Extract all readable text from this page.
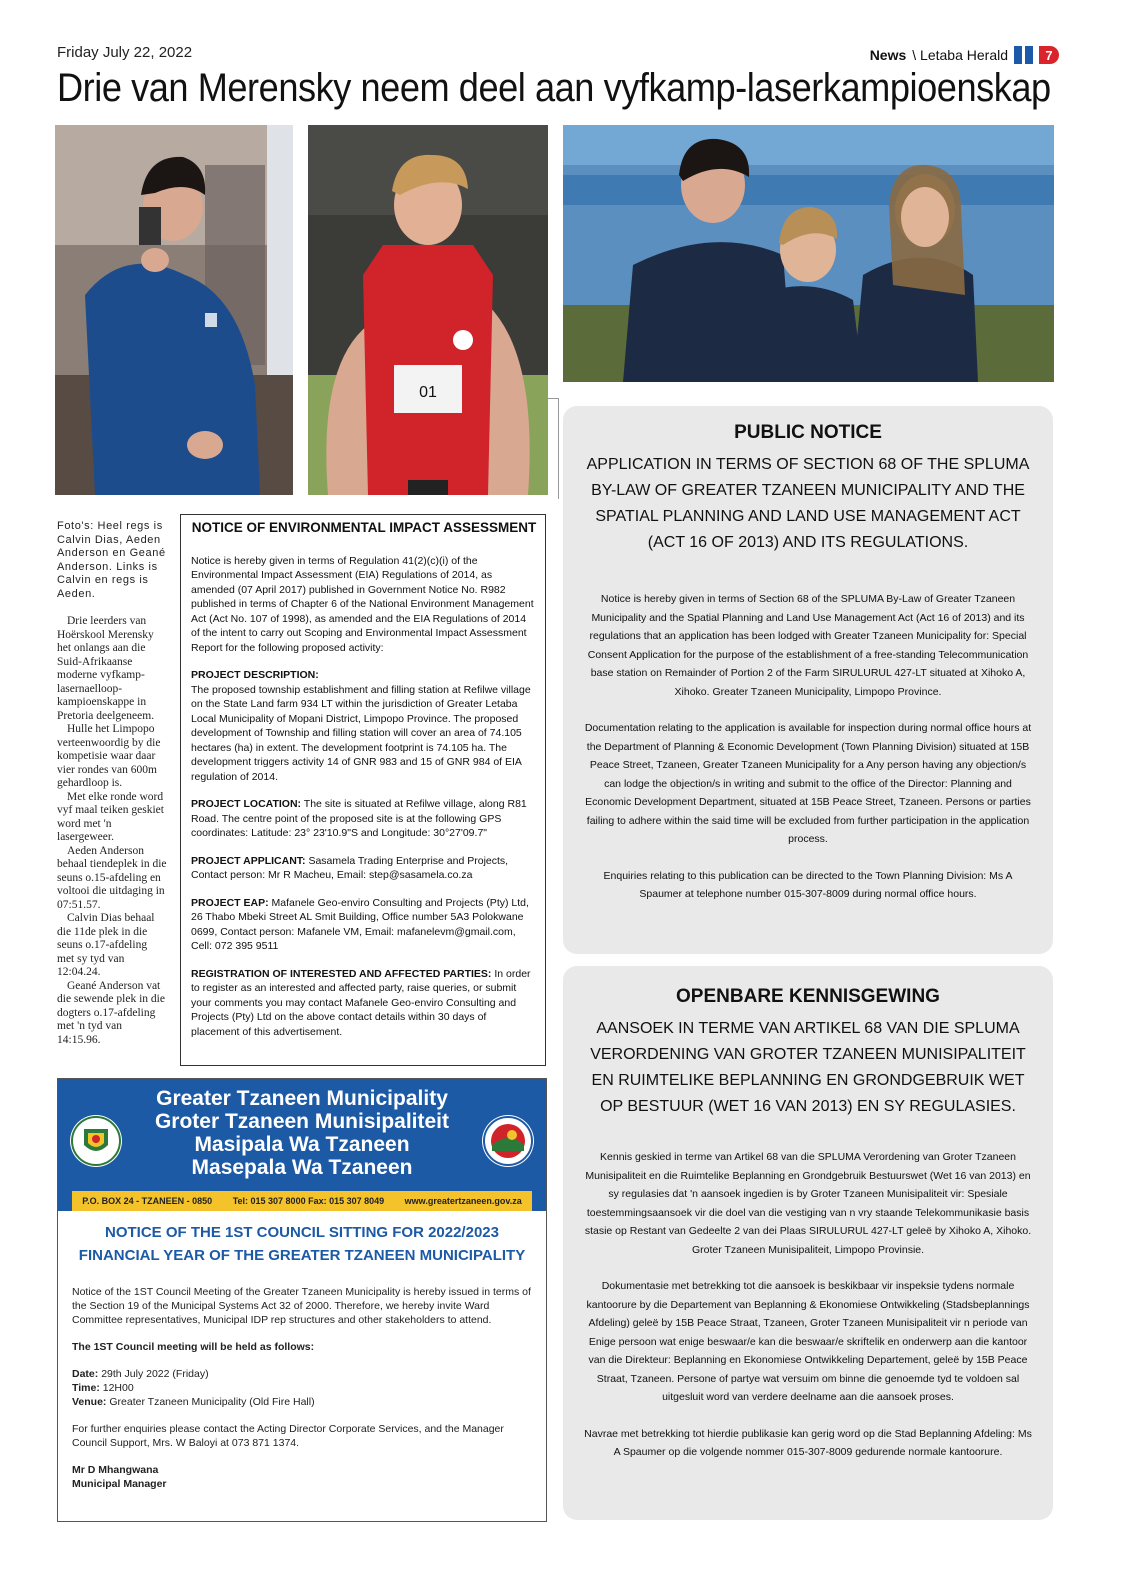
Friday July 22, 2022	News \ Letaba Herald	7
Drie van Merensky neem deel aan vyfkamp-laserkampioenskap
01
Foto's: Heel regs is Calvin Dias, Aeden Anderson en Geané Anderson. Links is Calvin en regs is Aeden.

Drie leerders van Hoërskool Merensky het onlangs aan die Suid-Afrikaanse moderne vyfkamp-lasernaelloop-kampioenskappe in Pretoria deelgeneem.

Hulle het Limpopo verteenwoordig by die kompetisie waar daar vier rondes van 600m gehardloop is.

Met elke ronde word vyf maal teiken geskiet word met 'n lasergeweer.

Aeden Anderson behaal tiendeplek in die seuns o.15-afdeling en voltooi die uitdaging in 07:51.57.

Calvin Dias behaal die 11de plek in die seuns o.17-afdeling met sy tyd van 12:04.24.

Geané Anderson vat die sewende plek in die dogters o.17-afdeling met 'n tyd van 14:15.96.

NOTICE OF ENVIRONMENTAL IMPACT ASSESSMENT

Notice is hereby given in terms of Regulation 41(2)(c)(i) of the Environmental Impact Assessment (EIA) Regulations of 2014, as amended (07 April 2017) published in Government Notice No. R982 published in terms of Chapter 6 of the National Environment Management Act (Act No. 107 of 1998), as amended and the EIA Regulations of 2014 of the intent to carry out Scoping and Environmental Impact Assessment Report for the following proposed activity:

PROJECT DESCRIPTION:
The proposed township establishment and filling station at Refilwe village on the State Land farm 934 LT within the jurisdiction of Greater Letaba Local Municipality of Mopani District, Limpopo Province. The proposed development of Township and filling station will cover an area of 74.105 hectares (ha) in extent. The development footprint is 74.105 ha. The development triggers activity 14 of GNR 983 and 15 of GNR 984 of EIA regulation of 2014.

PROJECT LOCATION: The site is situated at Refilwe village, along R81 Road. The centre point of the proposed site is at the following GPS coordinates: Latitude: 23° 23'10.9"S and Longitude: 30°27'09.7"

PROJECT APPLICANT: Sasamela Trading Enterprise and Projects, Contact person: Mr R Macheu, Email: step@sasamela.co.za

PROJECT EAP: Mafanele Geo-enviro Consulting and Projects (Pty) Ltd, 26 Thabo Mbeki Street AL Smit Building, Office number 5A3 Polokwane 0699, Contact person: Mafanele VM, Email: mafanelevm@gmail.com, Cell: 072 395 9511

REGISTRATION OF INTERESTED AND AFFECTED PARTIES: In order to register as an interested and affected party, raise queries, or submit your comments you may contact Mafanele Geo-enviro Consulting and Projects (Pty) Ltd on the above contact details within 30 days of placement of this advertisement.

Greater Tzaneen Municipality
Groter Tzaneen Munisipaliteit
Masipala Wa Tzaneen
Masepala Wa Tzaneen
P.O. BOX 24 - TZANEEN - 0850 Tel: 015 307 8000 Fax: 015 307 8049 www.greatertzaneen.gov.za
NOTICE OF THE 1ST COUNCIL SITTING FOR 2022/2023 FINANCIAL YEAR OF THE GREATER TZANEEN MUNICIPALITY

Notice of the 1ST Council Meeting of the Greater Tzaneen Municipality is hereby issued in terms of the Section 19 of the Municipal Systems Act 32 of 2000. Therefore, we hereby invite Ward Committee representatives, Municipal IDP rep structures and other stakeholders to attend.

The 1ST Council meeting will be held as follows:

Date: 29th July 2022 (Friday)
Time: 12H00
Venue: Greater Tzaneen Municipality (Old Fire Hall)

For further enquiries please contact the Acting Director Corporate Services, and the Manager Council Support, Mrs. W Baloyi at 073 871 1374.

Mr D Mhangwana
Municipal Manager

PUBLIC NOTICE
APPLICATION IN TERMS OF SECTION 68 OF THE SPLUMA BY-LAW OF GREATER TZANEEN MUNICIPALITY AND THE SPATIAL PLANNING AND LAND USE MANAGEMENT ACT (ACT 16 OF 2013) AND ITS REGULATIONS.

Notice is hereby given in terms of Section 68 of the SPLUMA By-Law of Greater Tzaneen Municipality and the Spatial Planning and Land Use Management Act (Act 16 of 2013) and its regulations that an application has been lodged with Greater Tzaneen Municipality for: Special Consent Application for the purpose of the establishment of a free-standing Telecommunication base station on Remainder of Portion 2 of the Farm SIRULURUL 427-LT situated at Xihoko A, Xihoko. Greater Tzaneen Municipality, Limpopo Province.

Documentation relating to the application is available for inspection during normal office hours at the Department of Planning & Economic Development (Town Planning Division) situated at 15B Peace Street, Tzaneen, Greater Tzaneen Municipality for a Any person having any objection/s can lodge the objection/s in writing and submit to the office of the Director: Planning and Economic Development Department, situated at 15B Peace Street, Tzaneen. Persons or parties failing to adhere within the said time will be excluded from further participation in the application process.

Enquiries relating to this publication can be directed to the Town Planning Division: Ms A Spaumer at telephone number 015-307-8009 during normal office hours.

OPENBARE KENNISGEWING
AANSOEK IN TERME VAN ARTIKEL 68 VAN DIE SPLUMA VERORDENING VAN GROTER TZANEEN MUNISIPALITEIT EN RUIMTELIKE BEPLANNING EN GRONDGEBRUIK WET OP BESTUUR (WET 16 VAN 2013) EN SY REGULASIES.

Kennis geskied in terme van Artikel 68 van die SPLUMA Verordening van Groter Tzaneen Munisipaliteit en die Ruimtelike Beplanning en Grondgebruik Bestuurswet (Wet 16 van 2013) en sy regulasies dat 'n aansoek ingedien is by Groter Tzaneen Munisipaliteit vir: Spesiale toestemmingsaansoek vir die doel van die vestiging van n vry staande Telekommunikasie basis stasie op Restant van Gedeelte 2 van dei Plaas SIRULURUL 427-LT geleë by Xihoko A, Xihoko. Groter Tzaneen Munisipaliteit, Limpopo Provinsie.

Dokumentasie met betrekking tot die aansoek is beskikbaar vir inspeksie tydens normale kantoorure by die Departement van Beplanning & Ekonomiese Ontwikkeling (Stadsbeplannings Afdeling) geleë by 15B Peace Straat, Tzaneen, Groter Tzaneen Munisipaliteit vir n periode van Enige persoon wat enige beswaar/e kan die beswaar/e skriftelik en onderwerp aan die kantoor van die Direkteur: Beplanning en Ekonomiese Ontwikkeling Departement, geleë by 15B Peace Straat, Tzaneen. Persone of partye wat versuim om binne die genoemde tyd te voldoen sal uitgesluit word van verdere deelname aan die aansoek proses.

Navrae met betrekking tot hierdie publikasie kan gerig word op die Stad Beplanning Afdeling: Ms A Spaumer op die volgende nommer 015-307-8009 gedurende normale kantoorure.
